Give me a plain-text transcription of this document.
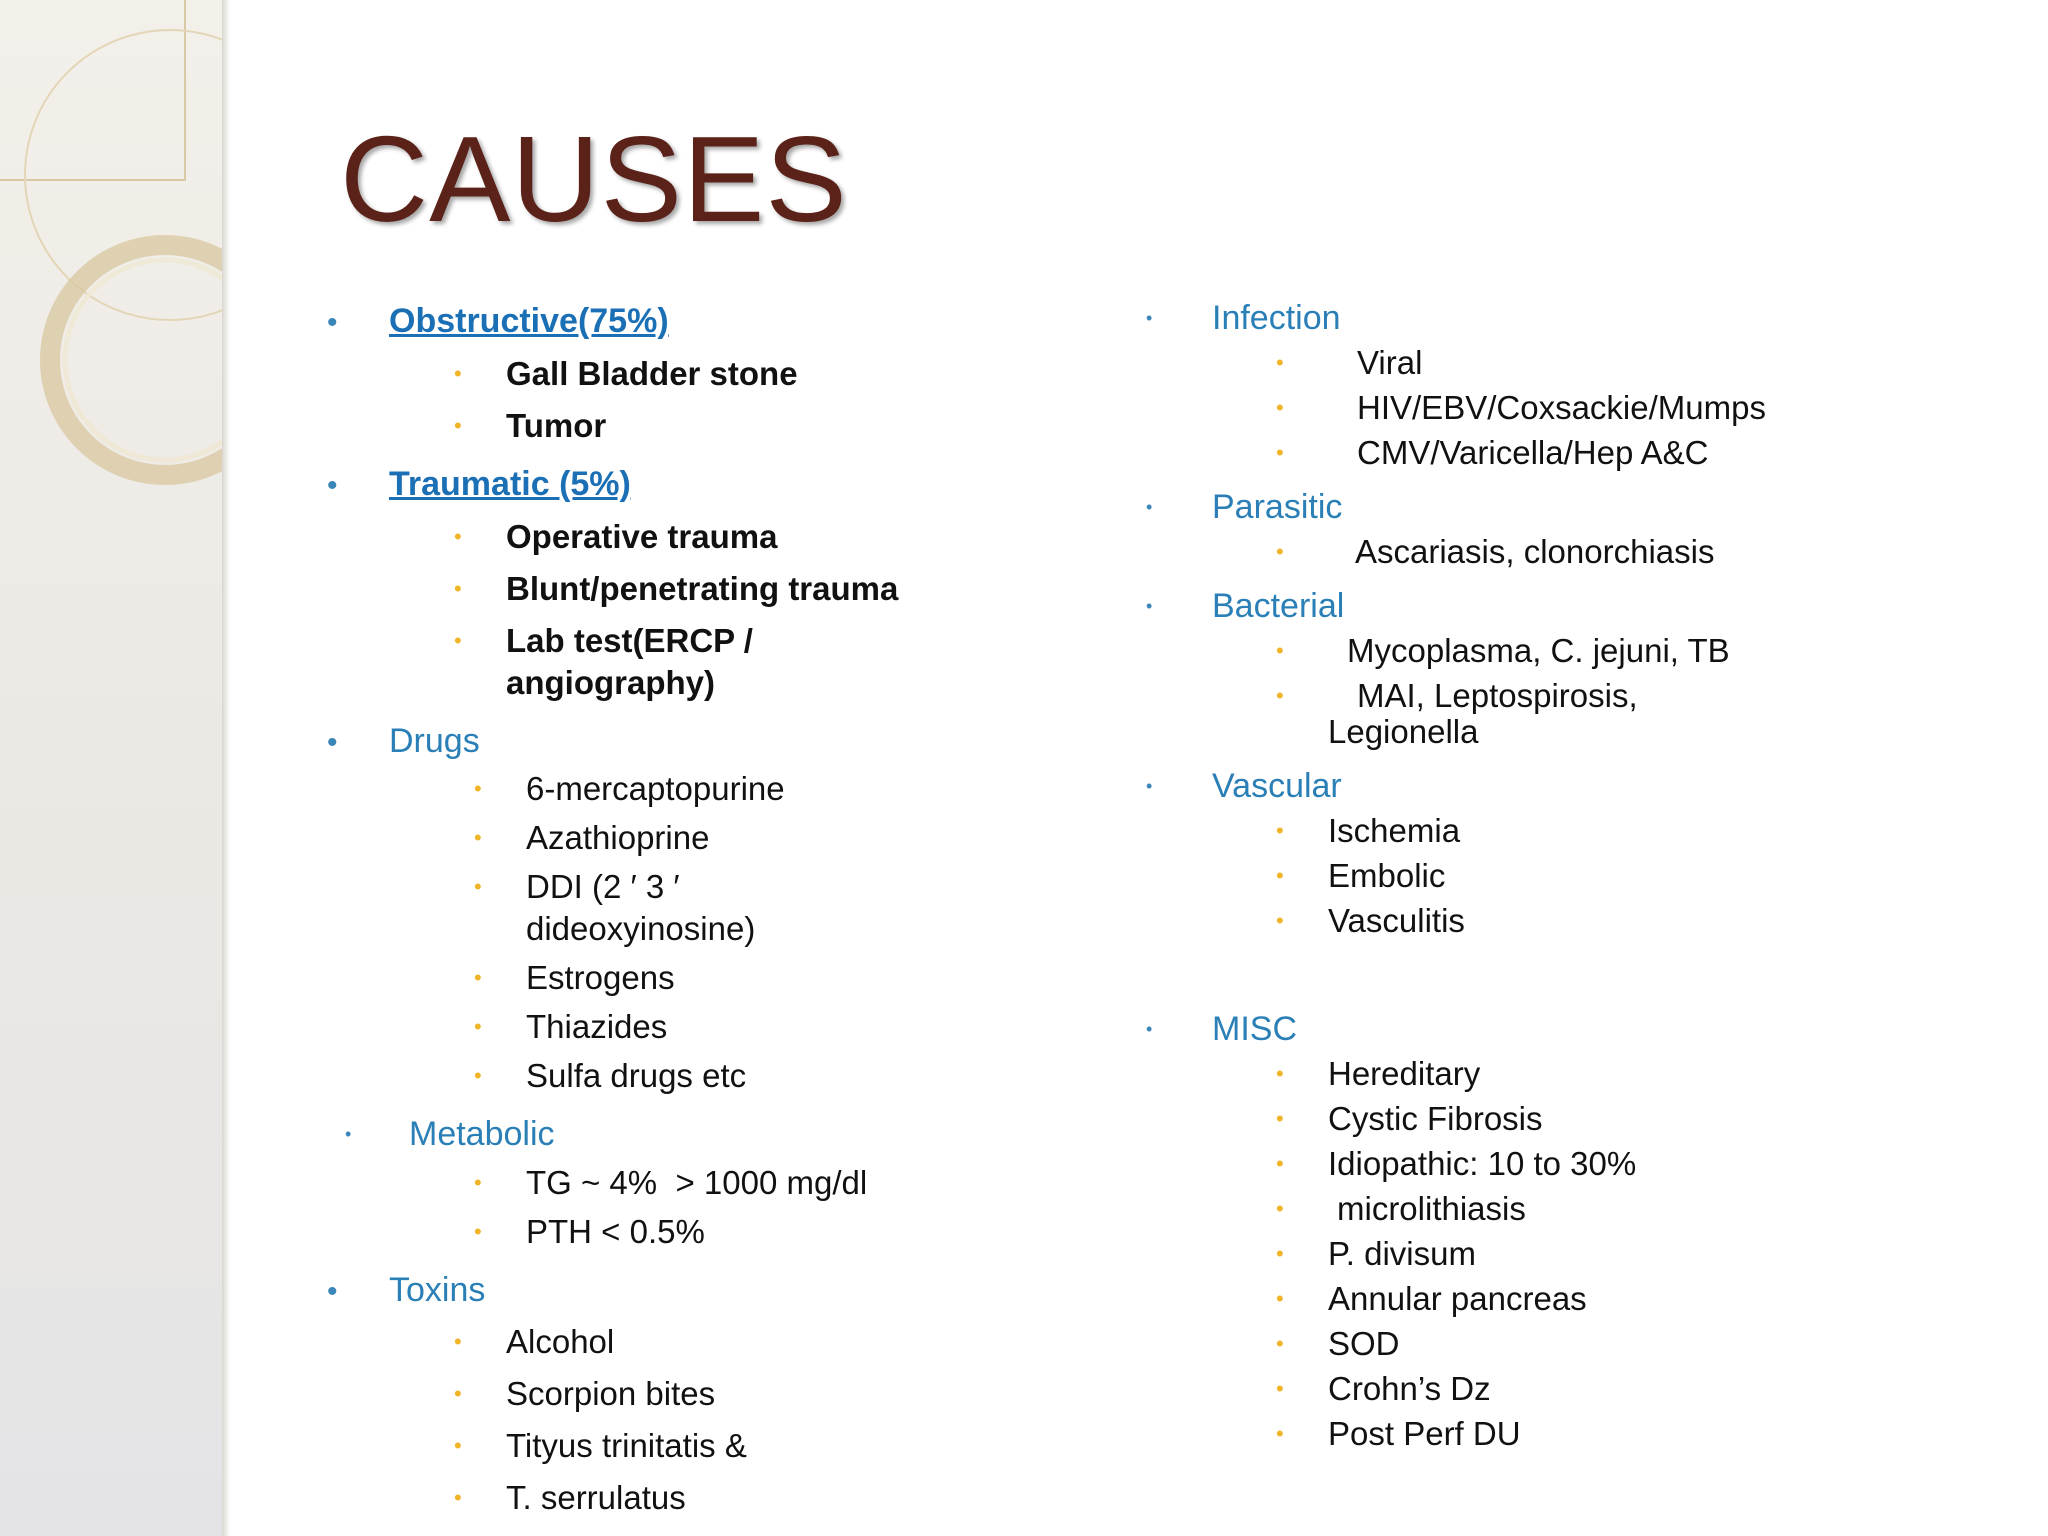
CAUSES
• Obstructive(75%)
• Gall Bladder stone
• Tumor
• Traumatic (5%)
• Operative trauma
• Blunt/penetrating trauma
• Lab test(ERCP /
angiography)
• Drugs
• 6-mercaptopurine
• Azathioprine
• DDI (2 ′ 3 ′
dideoxyinosine)
• Estrogens
• Thiazides
• Sulfa drugs etc
• Metabolic
• TG ~ 4%  > 1000 mg/dl
• PTH < 0.5%
• Toxins
• Alcohol
• Scorpion bites
• Tityus trinitatis &
• T. serrulatus
• Infection
• Viral
• HIV/EBV/Coxsackie/Mumps
• CMV/Varicella/Hep A&C
• Parasitic
• Ascariasis, clonorchiasis
• Bacterial
• Mycoplasma, C. jejuni, TB
• MAI, Leptospirosis,
Legionella
• Vascular
• Ischemia
• Embolic
• Vasculitis
• MISC
• Hereditary
• Cystic Fibrosis
• Idiopathic: 10 to 30%
• microlithiasis
• P. divisum
• Annular pancreas
• SOD
• Crohn’s Dz
• Post Perf DU
